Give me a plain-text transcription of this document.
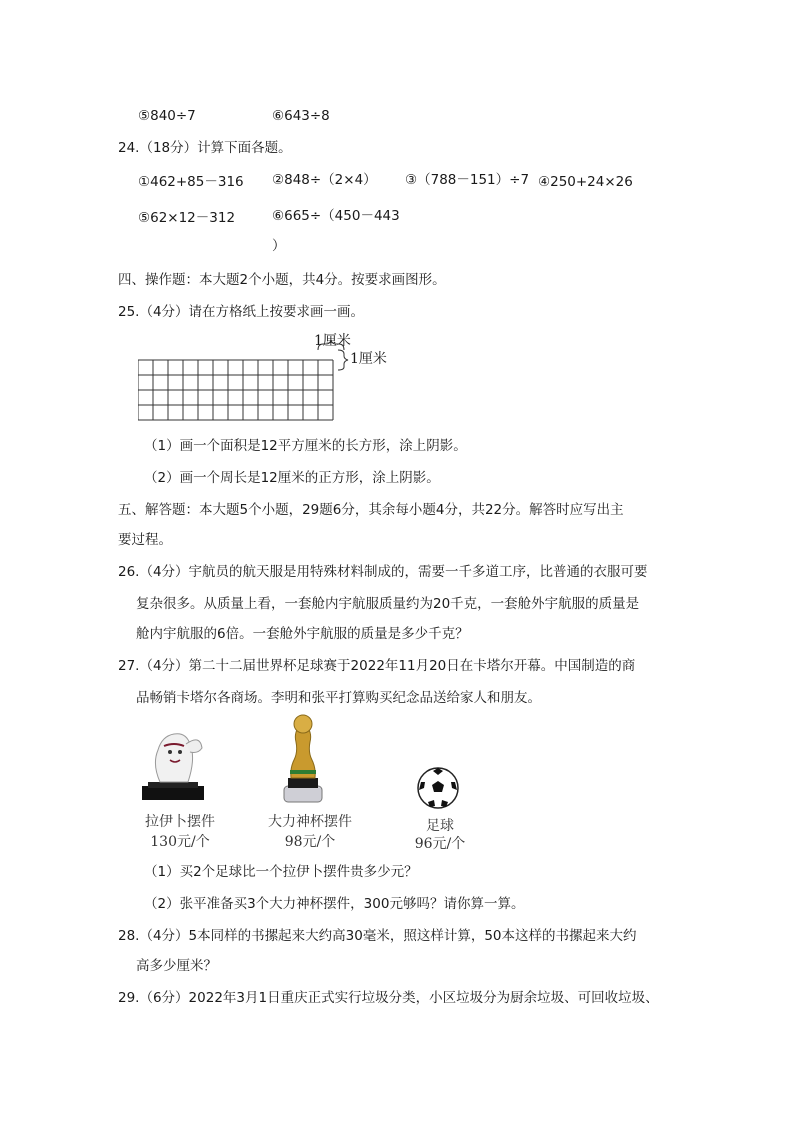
⑤840÷7	⑥643÷8
24.（18分）计算下面各题。
①462+85－316 ②848÷（2×4） ③（788－151）÷7 ④250+24×26
⑤62×12－312	⑥665÷（450－443
）
四、操作题：本大题2个小题，共4分。按要求画图形。
25.（4分）请在方格纸上按要求画一画。
1厘米
1厘米
（1）画一个面积是12平方厘米的长方形，涂上阴影。
（2）画一个周长是12厘米的正方形，涂上阴影。
五、解答题：本大题5个小题，29题6分，其余每小题4分，共22分。解答时应写出主
要过程。
26.（4分）宇航员的航天服是用特殊材料制成的，需要一千多道工序，比普通的衣服可要
复杂很多。从质量上看，一套舱内宇航服质量约为20千克，一套舱外宇航服的质量是
舱内宇航服的6倍。一套舱外宇航服的质量是多少千克？
27.（4分）第二十二届世界杯足球赛于2022年11月20日在卡塔尔开幕。中国制造的商
品畅销卡塔尔各商场。李明和张平打算购买纪念品送给家人和朋友。
拉伊卜摆件
130元/个
大力神杯摆件
98元/个
足球
96元/个
（1）买2个足球比一个拉伊卜摆件贵多少元？
（2）张平准备买3个大力神杯摆件，300元够吗？请你算一算。
28.（4分）5本同样的书摞起来大约高30毫米，照这样计算，50本这样的书摞起来大约
高多少厘米？
29.（6分）2022年3月1日重庆正式实行垃圾分类，小区垃圾分为厨余垃圾、可回收垃圾、
